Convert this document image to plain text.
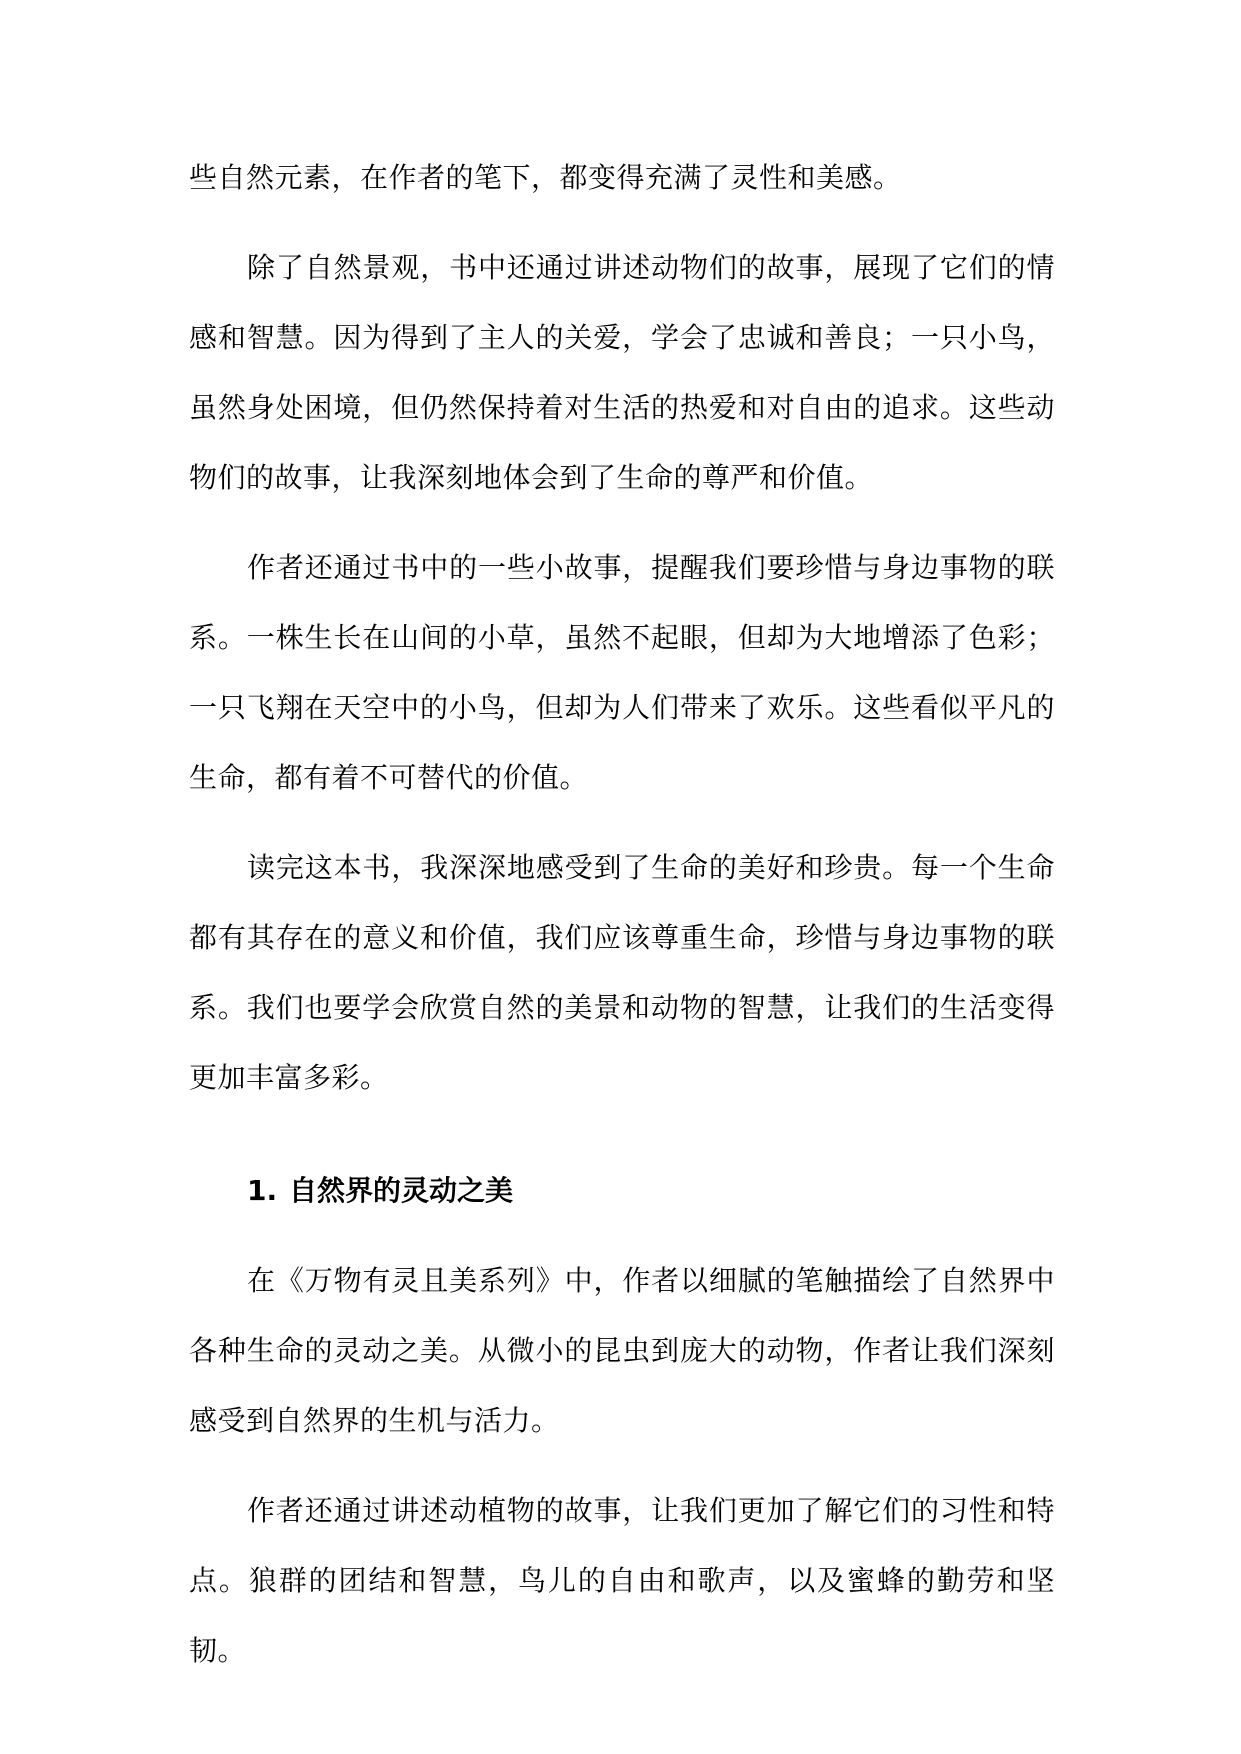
些自然元素，在作者的笔下，都变得充满了灵性和美感。

除了自然景观，书中还通过讲述动物们的故事，展现了它们的情感和智慧。因为得到了主人的关爱，学会了忠诚和善良；一只小鸟，虽然身处困境，但仍然保持着对生活的热爱和对自由的追求。这些动物们的故事，让我深刻地体会到了生命的尊严和价值。

作者还通过书中的一些小故事，提醒我们要珍惜与身边事物的联系。一株生长在山间的小草，虽然不起眼，但却为大地增添了色彩；一只飞翔在天空中的小鸟，但却为人们带来了欢乐。这些看似平凡的生命，都有着不可替代的价值。

读完这本书，我深深地感受到了生命的美好和珍贵。每一个生命都有其存在的意义和价值，我们应该尊重生命，珍惜与身边事物的联系。我们也要学会欣赏自然的美景和动物的智慧，让我们的生活变得更加丰富多彩。

1. 自然界的灵动之美

在《万物有灵且美系列》中，作者以细腻的笔触描绘了自然界中各种生命的灵动之美。从微小的昆虫到庞大的动物，作者让我们深刻感受到自然界的生机与活力。

作者还通过讲述动植物的故事，让我们更加了解它们的习性和特点。狼群的团结和智慧，鸟儿的自由和歌声，以及蜜蜂的勤劳和坚韧。
